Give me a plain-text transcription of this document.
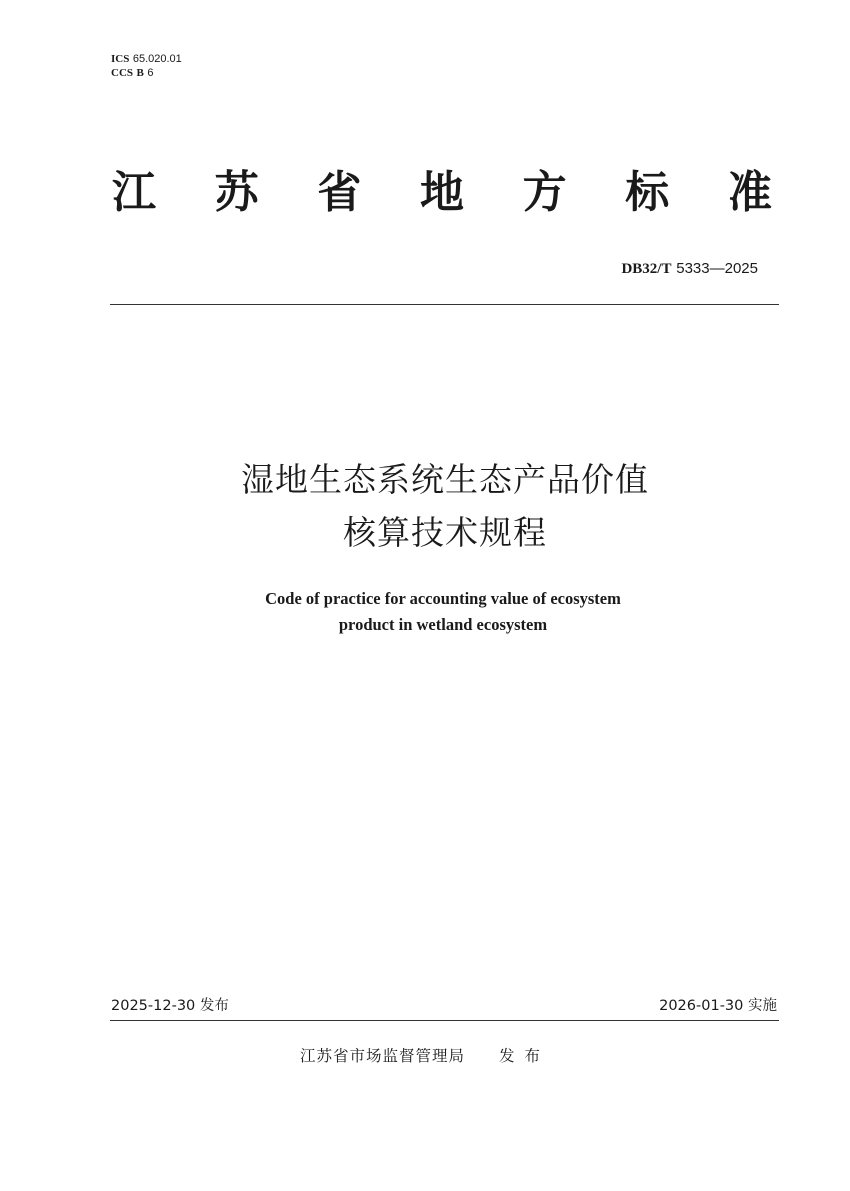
ICS 65.020.01
CCS B 6
江 苏 省 地 方 标 准
DB32/T 5333—2025
湿地生态系统生态产品价值
核算技术规程
Code of practice for accounting value of ecosystem
product in wetland ecosystem
2025-12-30 发布	2026-01-30 实施
江苏省市场监督管理局 发布
